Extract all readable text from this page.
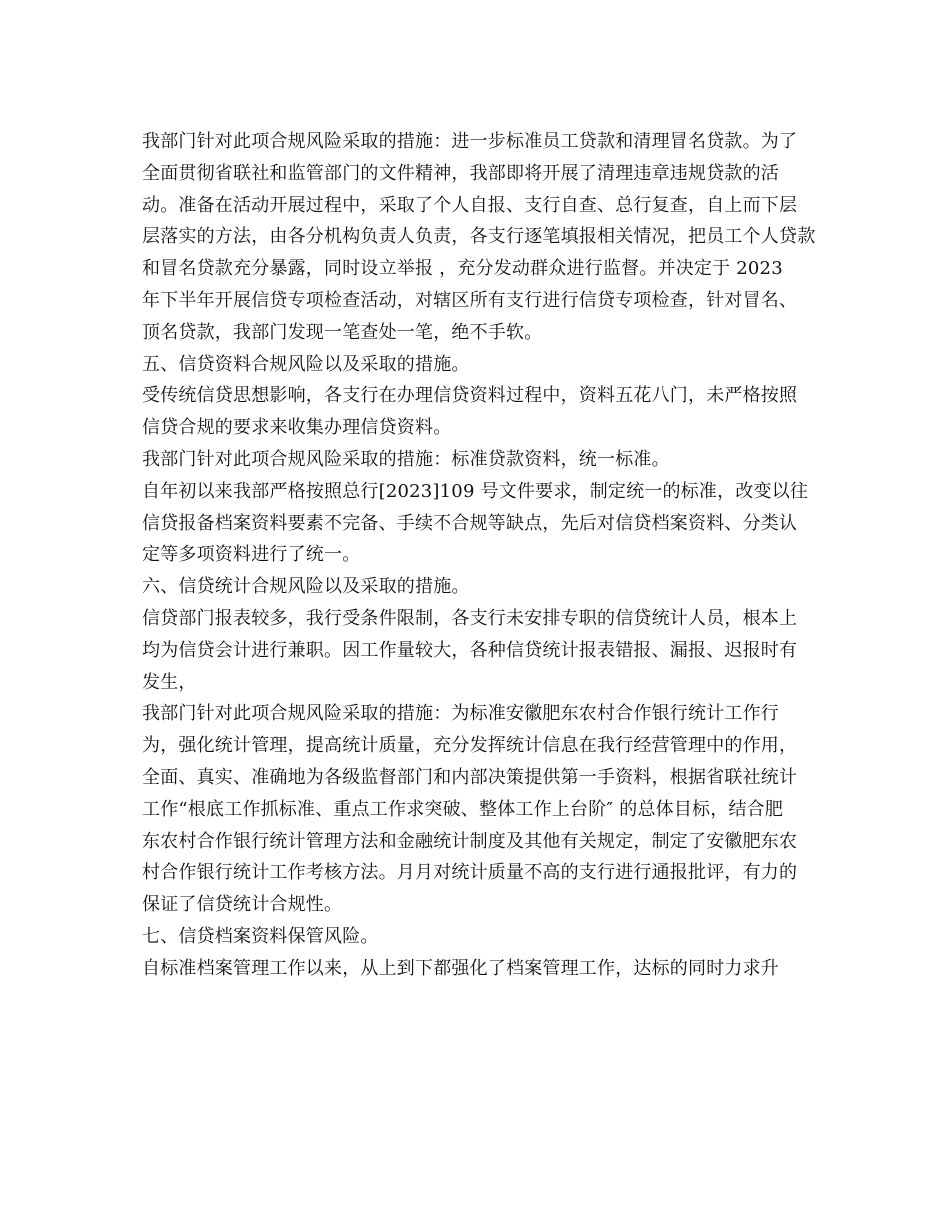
我部门针对此项合规风险采取的措施：进一步标准员工贷款和清理冒名贷款。为了
全面贯彻省联社和监管部门的文件精神，我部即将开展了清理违章违规贷款的活
动。准备在活动开展过程中，采取了个人自报、支行自查、总行复查，自上而下层
层落实的方法，由各分机构负责人负责，各支行逐笔填报相关情况，把员工个人贷款
和冒名贷款充分暴露，同时设立举报 ，充分发动群众进行监督。并决定于 2023
年下半年开展信贷专项检查活动，对辖区所有支行进行信贷专项检查，针对冒名、
顶名贷款，我部门发现一笔查处一笔，绝不手软。
五、信贷资料合规风险以及采取的措施。
受传统信贷思想影响，各支行在办理信贷资料过程中，资料五花八门，未严格按照
信贷合规的要求来收集办理信贷资料。
我部门针对此项合规风险采取的措施：标准贷款资料，统一标准。
自年初以来我部严格按照总行[2023]109 号文件要求，制定统一的标准，改变以往
信贷报备档案资料要素不完备、手续不合规等缺点，先后对信贷档案资料、分类认
定等多项资料进行了统一。
六、信贷统计合规风险以及采取的措施。
信贷部门报表较多，我行受条件限制，各支行未安排专职的信贷统计人员，根本上
均为信贷会计进行兼职。因工作量较大，各种信贷统计报表错报、漏报、迟报时有
发生，
我部门针对此项合规风险采取的措施：为标准安徽肥东农村合作银行统计工作行
为，强化统计管理，提高统计质量，充分发挥统计信息在我行经营管理中的作用，
全面、真实、准确地为各级监督部门和内部决策提供第一手资料，根据省联社统计
工作“根底工作抓标准、重点工作求突破、整体工作上台阶″ 的总体目标，结合肥
东农村合作银行统计管理方法和金融统计制度及其他有关规定，制定了安徽肥东农
村合作银行统计工作考核方法。月月对统计质量不高的支行进行通报批评，有力的
保证了信贷统计合规性。
七、信贷档案资料保管风险。
自标准档案管理工作以来，从上到下都强化了档案管理工作，达标的同时力求升
